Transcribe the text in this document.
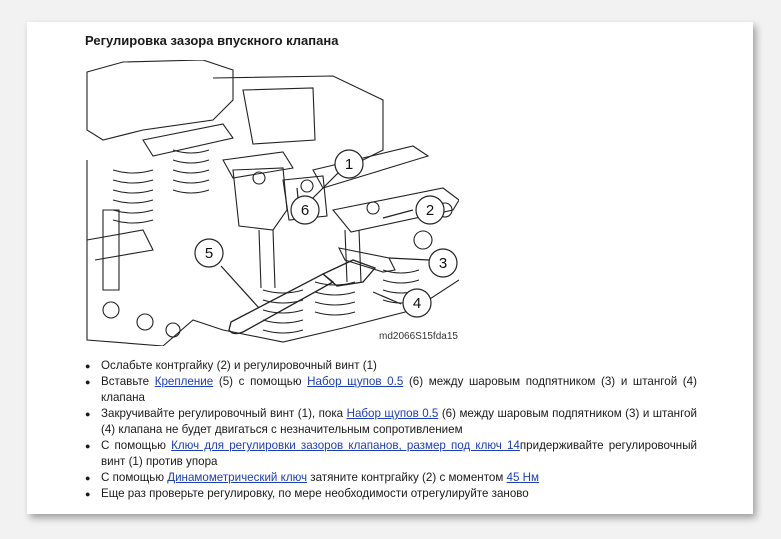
Регулировка зазора впускного клапана
1
2
3
4
5
6
md2066S15fda15
● Ослабьте контргайку (2) и регулировочный винт (1)
● Вставьте Крепление (5) с помощью Набор щупов 0.5 (6) между шаровым подпятником (3) и штангой (4) клапана
● Закручивайте регулировочный винт (1), пока Набор щупов 0.5 (6) между шаровым подпятником (3) и штангой (4) клапана не будет двигаться с незначительным сопротивлением
● С помощью Ключ для регулировки зазоров клапанов, размер под ключ 14придерживайте регулировочный винт (1) против упора
● С помощью Динамометрический ключ затяните контргайку (2) с моментом 45 Нм
● Еще раз проверьте регулировку, по мере необходимости отрегулируйте заново
